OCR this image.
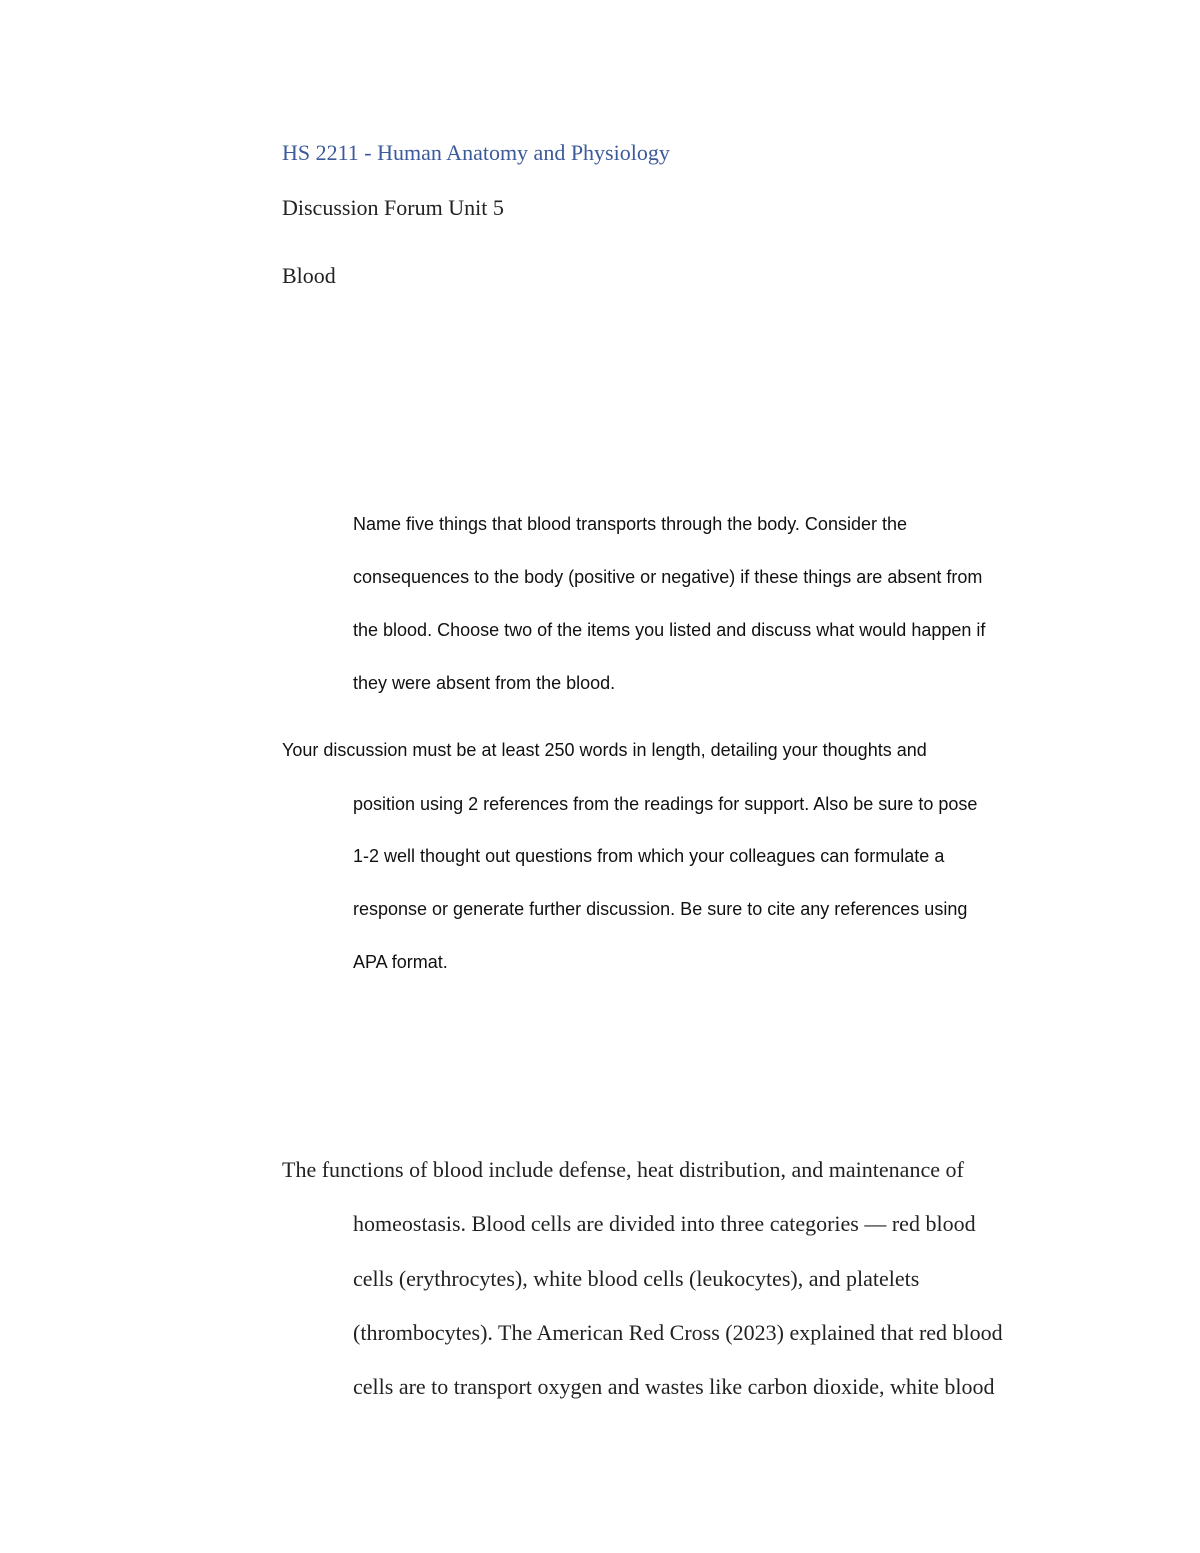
HS 2211 - Human Anatomy and Physiology
Discussion Forum Unit 5
Blood
Name five things that blood transports through the body. Consider the
consequences to the body (positive or negative) if these things are absent from
the blood. Choose two of the items you listed and discuss what would happen if
they were absent from the blood.
Your discussion must be at least 250 words in length, detailing your thoughts and
position using 2 references from the readings for support. Also be sure to pose
1-2 well thought out questions from which your colleagues can formulate a
response or generate further discussion. Be sure to cite any references using
APA format.
The functions of blood include defense, heat distribution, and maintenance of
homeostasis. Blood cells are divided into three categories — red blood
cells (erythrocytes), white blood cells (leukocytes), and platelets
(thrombocytes). The American Red Cross (2023) explained that red blood
cells are to transport oxygen and wastes like carbon dioxide, white blood
